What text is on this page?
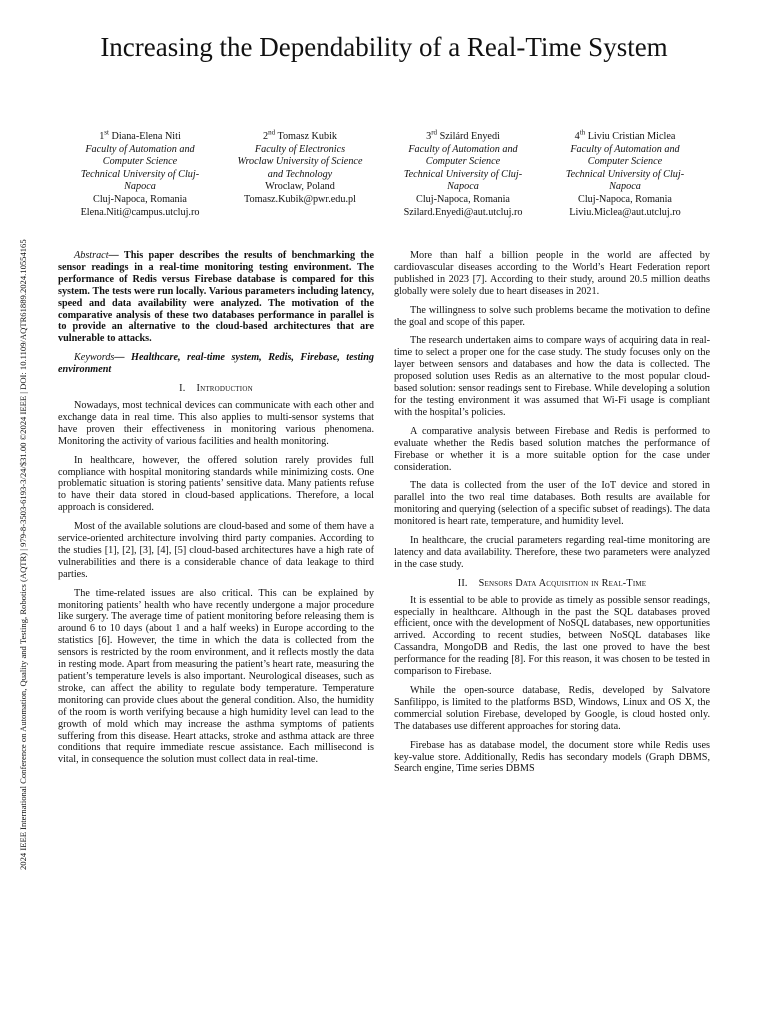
Increasing the Dependability of a Real-Time System
2024 IEEE International Conference on Automation, Quality and Testing, Robotics (AQTR) | 979-8-3503-6193-3/24/$31.00 ©2024 IEEE | DOI: 10.1109/AQTR61889.2024.10554165
1st Diana-Elena Niti
Faculty of Automation and
Computer Science
Technical University of Cluj-
Napoca
Cluj-Napoca, Romania
Elena.Niti@campus.utcluj.ro
2nd Tomasz Kubik
Faculty of Electronics
Wroclaw University of Science
and Technology
Wroclaw, Poland
Tomasz.Kubik@pwr.edu.pl
3rd Szilárd Enyedi
Faculty of Automation and
Computer Science
Technical University of Cluj-
Napoca
Cluj-Napoca, Romania
Szilard.Enyedi@aut.utcluj.ro
4th Liviu Cristian Miclea
Faculty of Automation and
Computer Science
Technical University of Cluj-
Napoca
Cluj-Napoca, Romania
Liviu.Miclea@aut.utcluj.ro

Abstract— This paper describes the results of benchmarking the sensor readings in a real-time monitoring testing environment. The performance of Redis versus Firebase database is compared for this system. The tests were run locally. Various parameters including latency, speed and data availability were analyzed. The motivation of the comparative analysis of these two databases performance in parallel is to provide an alternative to the cloud-based architectures that are vulnerable to attacks.

Keywords— Healthcare, real-time system, Redis, Firebase, testing environment

I. Introduction

Nowadays, most technical devices can communicate with each other and exchange data in real time. This also applies to multi-sensor systems that have proven their effectiveness in monitoring various phenomena. Monitoring the activity of various facilities and health monitoring.

In healthcare, however, the offered solution rarely provides full compliance with hospital monitoring standards while minimizing costs. One problematic situation is storing patients’ sensitive data. Many patients refuse to have their data stored in cloud-based applications. Therefore, a local approach is considered.

Most of the available solutions are cloud-based and some of them have a service-oriented architecture involving third party companies. According to the studies [1], [2], [3], [4], [5] cloud-based architectures have a high rate of vulnerabilities and there is a considerable chance of data leakage to third parties.

The time-related issues are also critical. This can be explained by monitoring patients’ health who have recently undergone a major procedure like surgery. The average time of patient monitoring before releasing them is around 6 to 10 days (about 1 and a half weeks) in Europe according to the statistics [6]. However, the time in which the data is collected from the sensors is restricted by the room environment, and it reflects mostly the data in resting mode. Apart from measuring the patient’s heart rate, measuring the patient’s temperature levels is also important. Neurological diseases, such as stroke, can affect the ability to regulate body temperature. Temperature monitoring can provide clues about the general condition. Also, the humidity of the room is worth verifying because a high humidity level can lead to the growth of mold which may increase the asthma symptoms of patients suffering from this disease. Heart attacks, stroke and asthma attack are three conditions that require immediate rescue assistance. Each millisecond is vital, in consequence the solution must collect data in real-time.

More than half a billion people in the world are affected by cardiovascular diseases according to the World’s Heart Federation report published in 2023 [7]. According to their study, around 20.5 million deaths globally were solely due to heart diseases in 2021.

The willingness to solve such problems became the motivation to define the goal and scope of this paper.

The research undertaken aims to compare ways of acquiring data in real-time to select a proper one for the case study. The study focuses only on the layer between sensors and databases and how the data is collected. The proposed solution uses Redis as an alternative to the most popular cloud-based solution: sensor readings sent to Firebase. While developing a solution for the testing environment it was assumed that Wi-Fi usage is compliant with the hospital’s policies.

A comparative analysis between Firebase and Redis is performed to evaluate whether the Redis based solution matches the performance of Firebase or whether it is a more suitable option for the case under consideration.

The data is collected from the user of the IoT device and stored in parallel into the two real time databases. Both results are available for monitoring and querying (selection of a specific subset of readings). The data monitored is heart rate, temperature, and humidity level.

In healthcare, the crucial parameters regarding real-time monitoring are latency and data availability. Therefore, these two parameters were analyzed in the case study.

II. Sensors Data Acquisition in Real-Time

It is essential to be able to provide as timely as possible sensor readings, especially in healthcare. Although in the past the SQL databases proved efficient, once with the development of NoSQL databases, new opportunities arrived. According to recent studies, between NoSQL databases like Cassandra, MongoDB and Redis, the last one proved to have the best performance for the reading [8]. For this reason, it was chosen to be tested in comparison to Firebase.

While the open-source database, Redis, developed by Salvatore Sanfilippo, is limited to the platforms BSD, Windows, Linux and OS X, the commercial solution Firebase, developed by Google, is cloud hosted only. The databases use different approaches for storing data.

Firebase has as database model, the document store while Redis uses key-value store. Additionally, Redis has secondary models (Graph DBMS, Search engine, Time series DBMS
